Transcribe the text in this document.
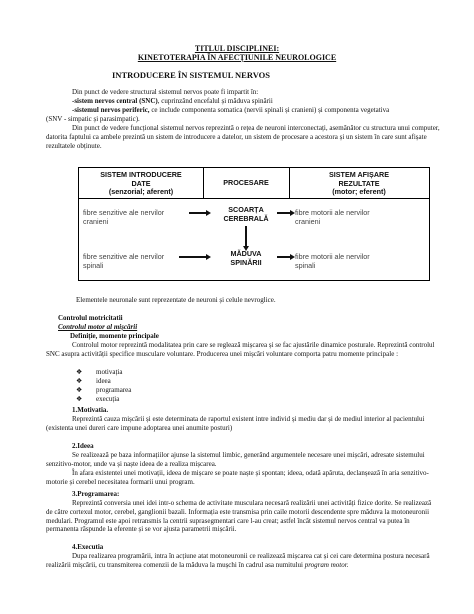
TITLUL DISCIPLINEI:
KINETOTERAPIA ÎN AFECȚIUNILE NEUROLOGICE
INTRODUCERE ÎN SISTEMUL NERVOS

Din punct de vedere structural sistemul nervos poate fi impartit în:

-sistem nervos central (SNC), cuprinzând encefalul și măduva spinării

-sistemul nervos periferic, ce include componenta somatica (nervii spinali și cranieni) și componenta vegetativa

(SNV - simpatic și parasimpatic).

Din punct de vedere funcțional sistemul nervos reprezintă o rețea de neuroni interconectați, asemănător cu structura unui computer, datorita faptului ca ambele prezintă un sistem de introducere a datelor, un sistem de procesare a acestora și un sistem în care sunt afișate rezultatele obținute.

SISTEM INTRODUCERE
DATE
(senzorial; aferent)
PROCESARE
SISTEM AFIȘARE
REZULTATE
(motor; eferent)
fibre senzitive ale nervilor
cranieni
fibre senzitive ale nervilor
spinali
SCOARȚA
CEREBRALĂ
MĂDUVA
SPINĂRII
fibre motorii ale nervilor
cranieni
fibre motorii ale nervilor
spinali

Elementele neuronale sunt reprezentate de neuroni și celule nevroglice.

Controlul motricitatii

Controlul motor al mișcării

Definiție, momente principale

Controlul motor reprezintă modalitatea prin care se reglează mișcarea și se fac ajustările dinamice posturale. Reprezintă controlul SNC asupra activității specifice musculare voluntare. Producerea unei mișcări voluntare comporta patru momente principale :

❖ motivația
❖ ideea
❖ programarea
❖ execuția

1.Motivatia.

Reprezintă cauza mișcării și este determinata de raportul existent intre individ și mediu dar și de mediul interior al pacientului (existenta unei dureri care impune adoptarea unei anumite posturi)

2.Ideea

Se realizează pe baza informațiilor ajunse la sistemul limbic, generând argumentele necesare unei mișcări, adresate sistemului senzitivo-motor, unde va și naște ideea de a realiza mișcarea.

În afara existentei unei motivații, ideea de mișcare se poate naște și spontan; ideea, odată apăruta, declanșează în aria senzitivo- motorie și cerebel necesitatea formarii unui program.

3.Programarea:

Reprezintă conversia unei idei intr-o schema de activitate musculara necesară realizării unei activități fizice dorite. Se realizează de către cortexul motor, cerebel, ganglionii bazali. Informația este transmisa prin caile motorii descendente spre măduva la motoneuronii medulari. Programul este apoi retransmis la centrii suprasegmentari care l-au creat; astfel încât sistemul nervos central va putea în permanenta răspunde la eferente și se vor ajusta parametrii mișcării.

4.Executia

Dupa realizarea programării, intra în acțiune atat motoneuronii ce realizează mișcarea cat și cei care determina postura necesară realizării mișcării, cu transmiterea comenzii de la măduva la mușchi în cadrul asa numitului program motor.
